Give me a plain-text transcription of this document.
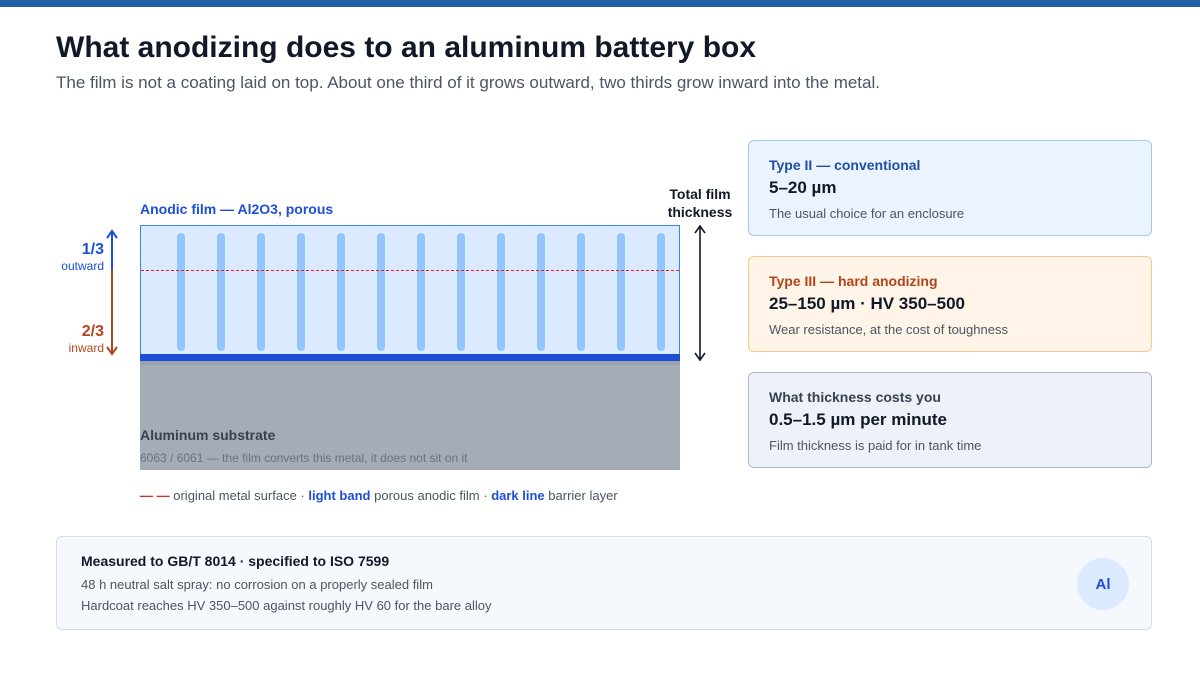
What anodizing does to an aluminum battery box

The film is not a coating laid on top. About one third of it grows outward, two thirds grow inward into the metal.

Anodic film — Al2O3, porous
1/3
outward
2/3
inward
Aluminum substrate
6063 / 6061 — the film converts this metal, it does not sit on it
Total film thickness
— — original metal surface · light band porous anodic film · dark line barrier layer
Type II — conventional
5–20 µm
The usual choice for an enclosure
Type III — hard anodizing
25–150 µm · HV 350–500
Wear resistance, at the cost of toughness
What thickness costs you
0.5–1.5 µm per minute
Film thickness is paid for in tank time
Measured to GB/T 8014 · specified to ISO 7599
48 h neutral salt spray: no corrosion on a properly sealed film
Hardcoat reaches HV 350–500 against roughly HV 60 for the bare alloy
Al
